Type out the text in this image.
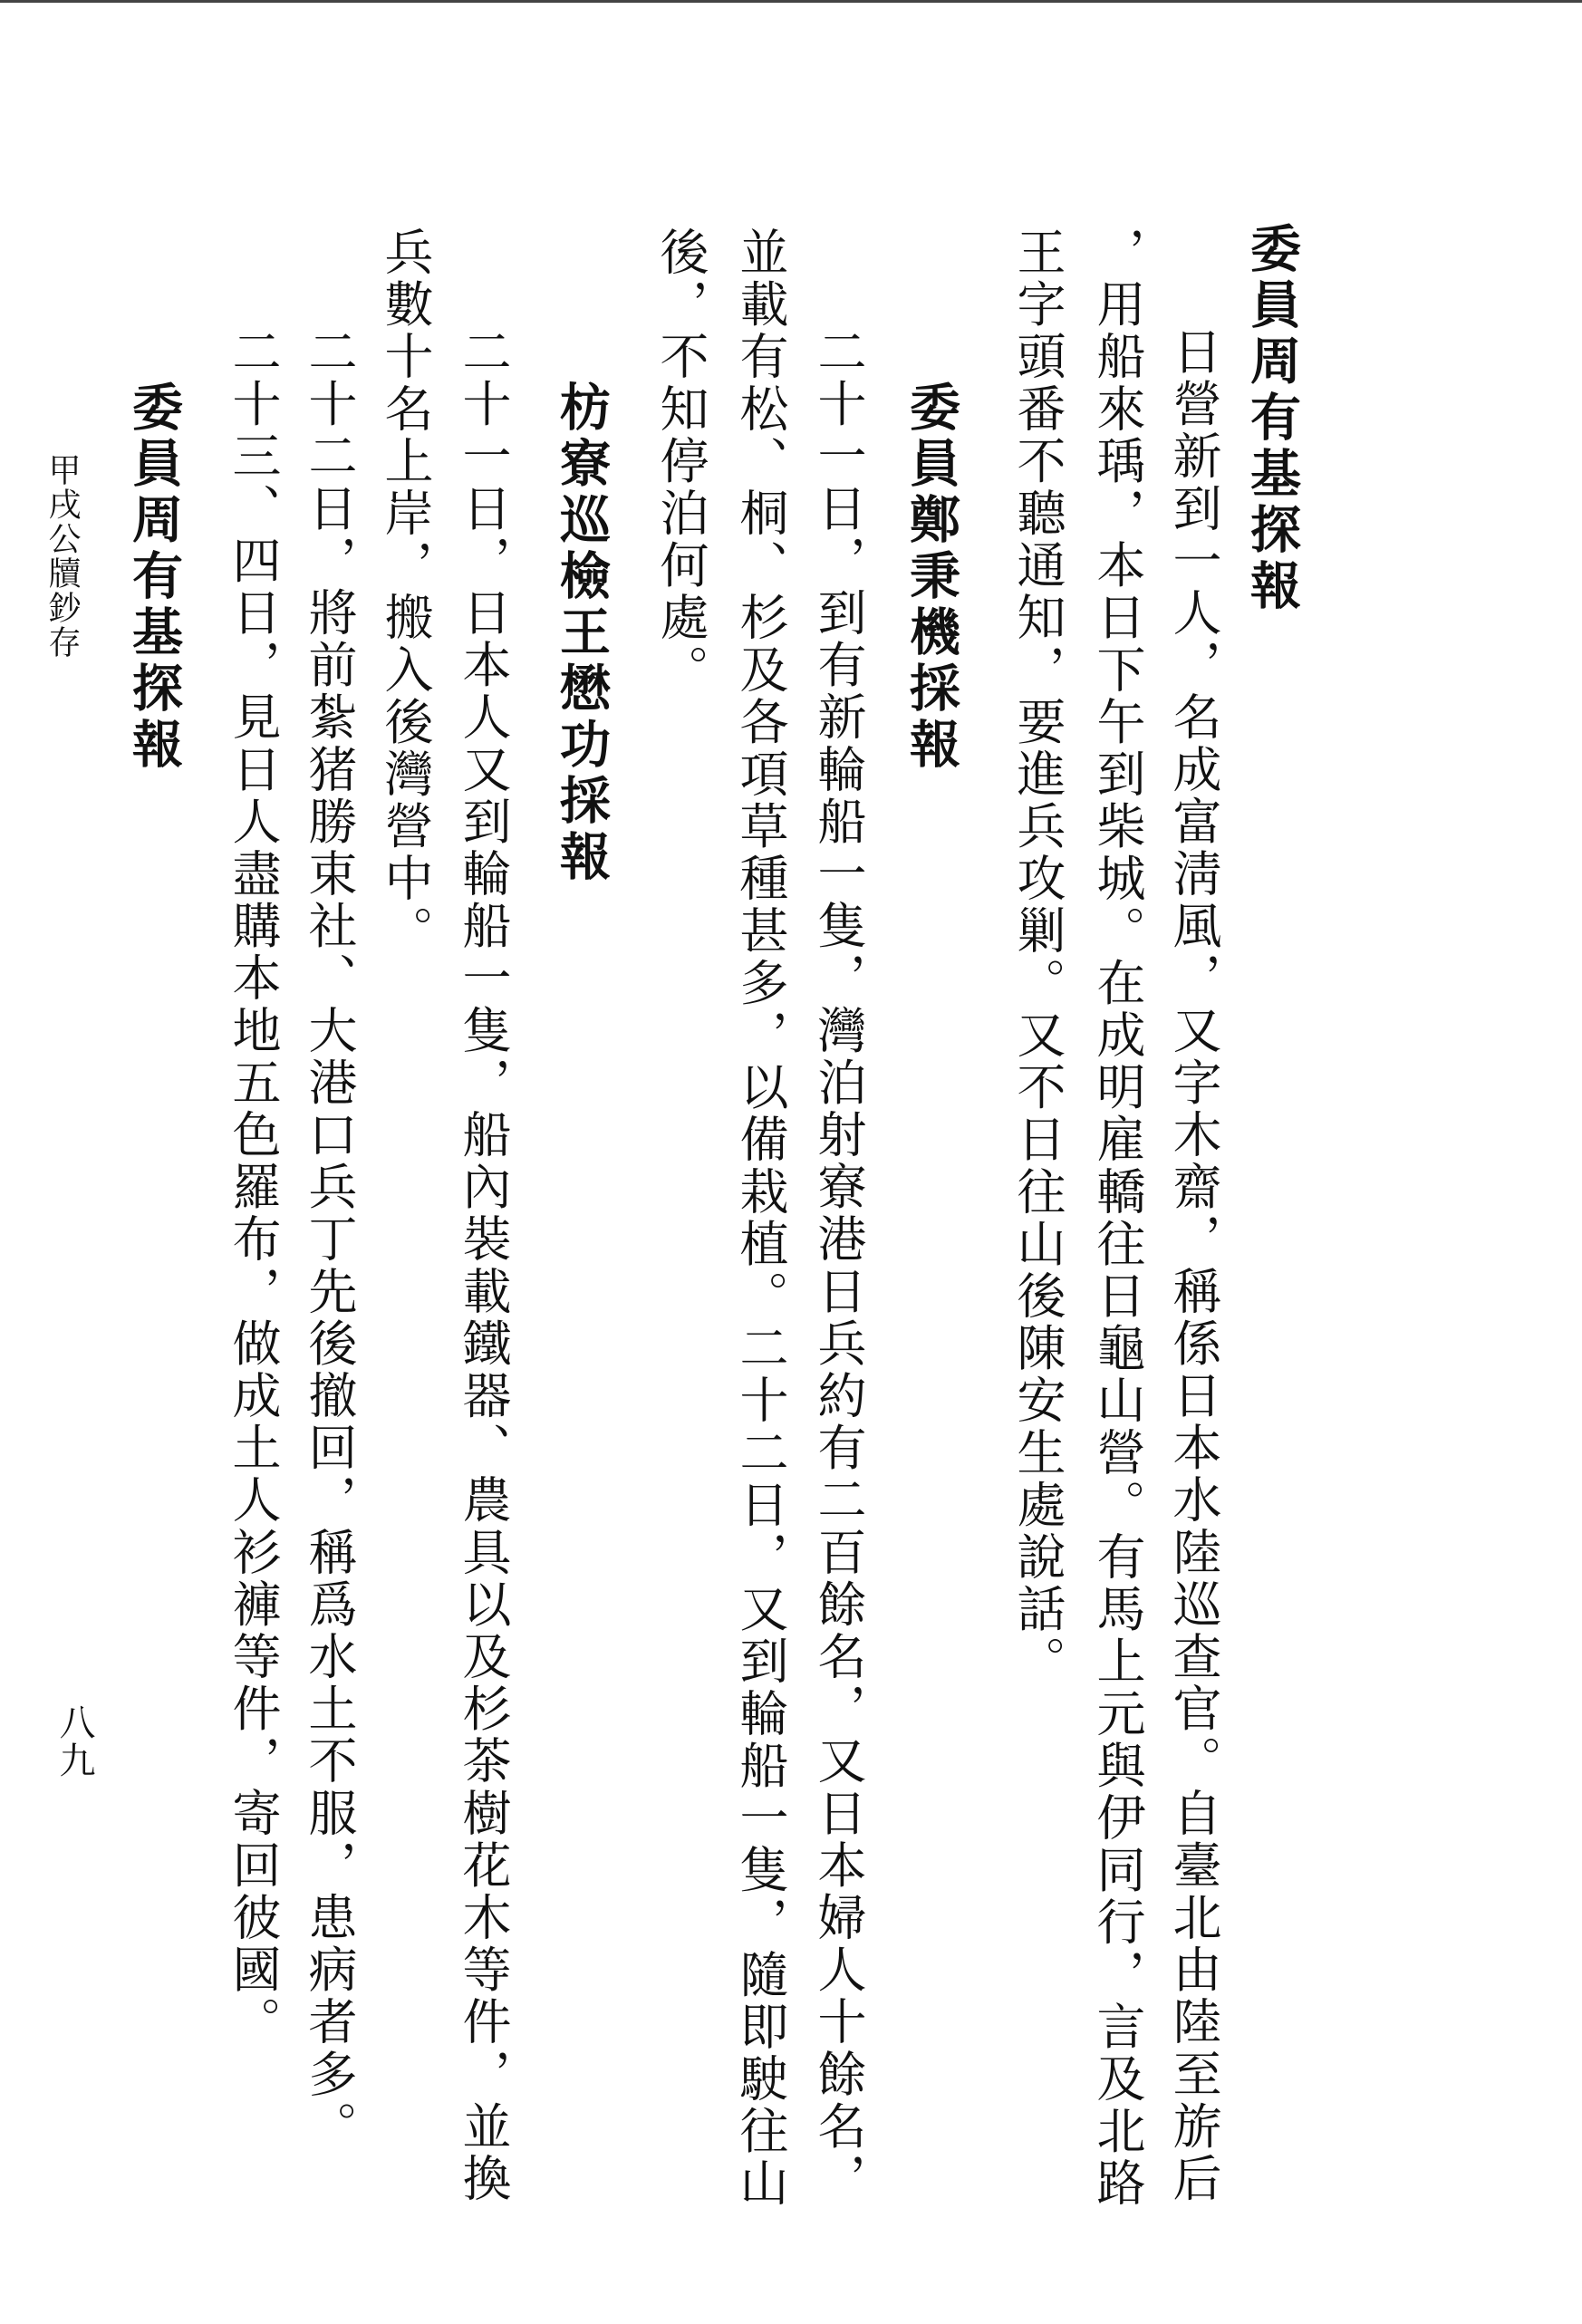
委員周有基探報
日營新到一人，名成富淸風，又字木齋，稱係日本水陸巡查官。自臺北由陸至旂后
，用船來瑀，本日下午到柴城。在成明雇轎往日龜山營。有馬上元與伊同行，言及北路
王字頭番不聽通知，要進兵攻剿。又不日往山後陳安生處說話。
委員鄭秉機採報
二十一日，到有新輪船一隻，灣泊射寮港日兵約有二百餘名，又日本婦人十餘名，
並載有松、桐、杉及各項草種甚多，以備栽植。二十二日，又到輪船一隻，隨即駛往山
後，不知停泊何處。
枋寮巡檢王懋功採報
二十一日，日本人又到輪船一隻，船內裝載鐵器、農具以及杉茶樹花木等件，並換
兵數十名上岸，搬入後灣營中。
二十二日，將前紮猪勝束社、大港口兵丁先後撤回，稱爲水土不服，患病者多。
二十三、四日，見日人盡購本地五色羅布，做成土人衫褲等件，寄回彼國。
委員周有基探報
甲戌公牘鈔存
八九
